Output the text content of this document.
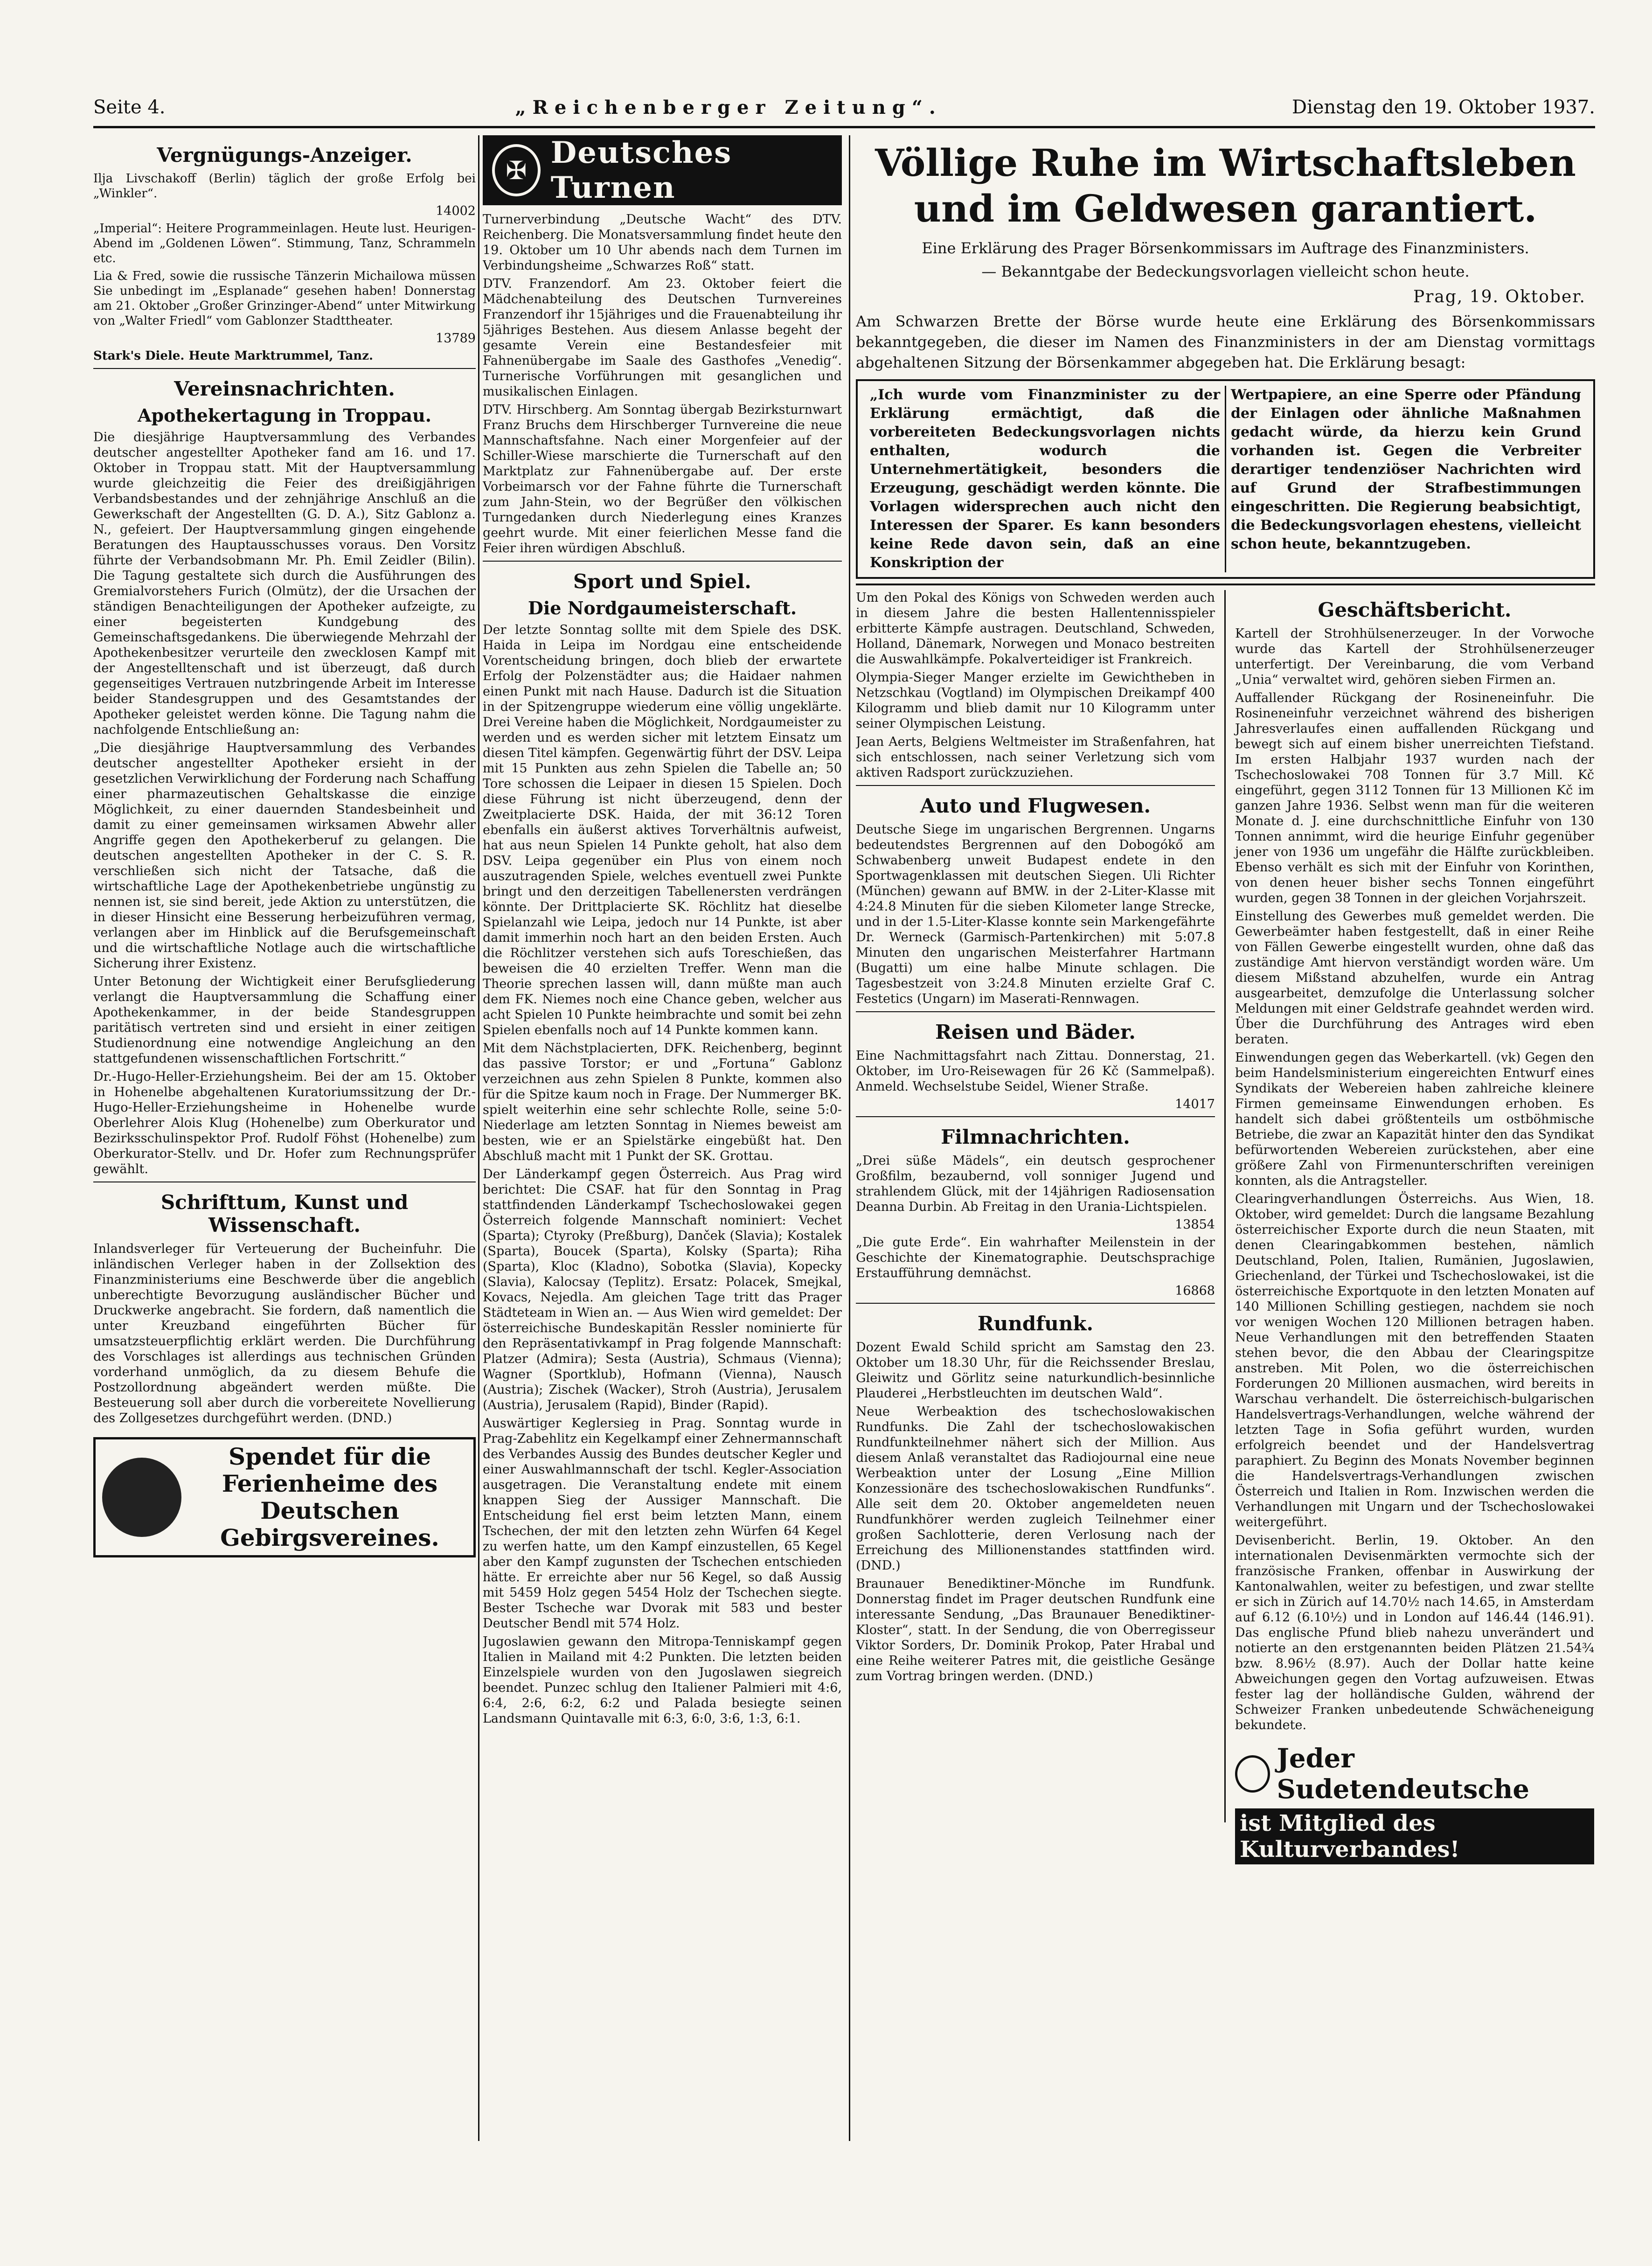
Seite 4.	„Reichenberger Zeitung“.	Dienstag den 19. Oktober 1937.
Vergnügungs-Anzeiger.

Ilja Livschakoff (Berlin) täglich der große Erfolg bei „Winkler“.

14002

„Imperial“: Heitere Programmeinlagen. Heute lust. Heurigen-Abend im „Goldenen Löwen“. Stimmung, Tanz, Schrammeln etc.

Lia & Fred, sowie die russische Tänzerin Michailowa müssen Sie unbedingt im „Esplanade“ gesehen haben! Donnerstag am 21. Oktober „Großer Grinzinger-Abend“ unter Mitwirkung von „Walter Friedl“ vom Gablonzer Stadttheater.

13789

Stark's Diele. Heute Marktrummel, Tanz.

Vereinsnachrichten.
Apothekertagung in Troppau.

Die diesjährige Hauptversammlung des Verbandes deutscher angestellter Apotheker fand am 16. und 17. Oktober in Troppau statt. Mit der Hauptversammlung wurde gleichzeitig die Feier des dreißigjährigen Verbandsbestandes und der zehnjährige Anschluß an die Gewerkschaft der Angestellten (G. D. A.), Sitz Gablonz a. N., gefeiert. Der Hauptversammlung gingen eingehende Beratungen des Hauptausschusses voraus. Den Vorsitz führte der Verbandsobmann Mr. Ph. Emil Zeidler (Bilin). Die Tagung gestaltete sich durch die Ausführungen des Gremialvorstehers Furich (Olmütz), der die Ursachen der ständigen Benachteiligungen der Apotheker aufzeigte, zu einer begeisterten Kundgebung des Gemeinschaftsgedankens. Die überwiegende Mehrzahl der Apothekenbesitzer verurteile den zwecklosen Kampf mit der Angestelltenschaft und ist überzeugt, daß durch gegenseitiges Vertrauen nutzbringende Arbeit im Interesse beider Standesgruppen und des Gesamtstandes der Apotheker geleistet werden könne. Die Tagung nahm die nachfolgende Entschließung an:

„Die diesjährige Hauptversammlung des Verbandes deutscher angestellter Apotheker ersieht in der gesetzlichen Verwirklichung der Forderung nach Schaffung einer pharmazeutischen Gehaltskasse die einzige Möglichkeit, zu einer dauernden Standesbeinheit und damit zu einer gemeinsamen wirksamen Abwehr aller Angriffe gegen den Apothekerberuf zu gelangen. Die deutschen angestellten Apotheker in der C. S. R. verschließen sich nicht der Tatsache, daß die wirtschaftliche Lage der Apothekenbetriebe ungünstig zu nennen ist, sie sind bereit, jede Aktion zu unterstützen, die in dieser Hinsicht eine Besserung herbeizuführen vermag, verlangen aber im Hinblick auf die Berufsgemeinschaft und die wirtschaftliche Notlage auch die wirtschaftliche Sicherung ihrer Existenz.

Unter Betonung der Wichtigkeit einer Berufsgliederung verlangt die Hauptversammlung die Schaffung einer Apothekenkammer, in der beide Standesgruppen paritätisch vertreten sind und ersieht in einer zeitigen Studienordnung eine notwendige Angleichung an den stattgefundenen wissenschaftlichen Fortschritt.“

Dr.-Hugo-Heller-Erziehungsheim. Bei der am 15. Oktober in Hohenelbe abgehaltenen Kuratoriumssitzung der Dr.-Hugo-Heller-Erziehungsheime in Hohenelbe wurde Oberlehrer Alois Klug (Hohenelbe) zum Oberkurator und Bezirksschulinspektor Prof. Rudolf Föhst (Hohenelbe) zum Oberkurator-Stellv. und Dr. Hofer zum Rechnungsprüfer gewählt.

Schrifttum, Kunst und Wissenschaft.

Inlandsverleger für Verteuerung der Bucheinfuhr. Die inländischen Verleger haben in der Zollsektion des Finanzministeriums eine Beschwerde über die angeblich unberechtigte Bevorzugung ausländischer Bücher und Druckwerke angebracht. Sie fordern, daß namentlich die unter Kreuzband eingeführten Bücher für umsatzsteuerpflichtig erklärt werden. Die Durchführung des Vorschlages ist allerdings aus technischen Gründen vorderhand unmöglich, da zu diesem Behufe die Postzollordnung abgeändert werden müßte. Die Besteuerung soll aber durch die vorbereitete Novellierung des Zollgesetzes durchgeführt werden. (DND.)

Spendet für die Ferienheime des Deutschen Gebirgsvereines.
✠ Deutsches Turnen

Turnerverbindung „Deutsche Wacht“ des DTV. Reichenberg. Die Monatsversammlung findet heute den 19. Oktober um 10 Uhr abends nach dem Turnen im Verbindungsheime „Schwarzes Roß“ statt.

DTV. Franzendorf. Am 23. Oktober feiert die Mädchenabteilung des Deutschen Turnvereines Franzendorf ihr 15jähriges und die Frauenabteilung ihr 5jähriges Bestehen. Aus diesem Anlasse begeht der gesamte Verein eine Bestandesfeier mit Fahnenübergabe im Saale des Gasthofes „Venedig“. Turnerische Vorführungen mit gesanglichen und musikalischen Einlagen.

DTV. Hirschberg. Am Sonntag übergab Bezirksturnwart Franz Bruchs dem Hirschberger Turnvereine die neue Mannschaftsfahne. Nach einer Morgenfeier auf der Schiller-Wiese marschierte die Turnerschaft auf den Marktplatz zur Fahnenübergabe auf. Der erste Vorbeimarsch vor der Fahne führte die Turnerschaft zum Jahn-Stein, wo der Begrüßer den völkischen Turngedanken durch Niederlegung eines Kranzes geehrt wurde. Mit einer feierlichen Messe fand die Feier ihren würdigen Abschluß.

Sport und Spiel.
Die Nordgaumeisterschaft.

Der letzte Sonntag sollte mit dem Spiele des DSK. Haida in Leipa im Nordgau eine entscheidende Vorentscheidung bringen, doch blieb der erwartete Erfolg der Polzenstädter aus; die Haidaer nahmen einen Punkt mit nach Hause. Dadurch ist die Situation in der Spitzengruppe wiederum eine völlig ungeklärte. Drei Vereine haben die Möglichkeit, Nordgaumeister zu werden und es werden sicher mit letztem Einsatz um diesen Titel kämpfen. Gegenwärtig führt der DSV. Leipa mit 15 Punkten aus zehn Spielen die Tabelle an; 50 Tore schossen die Leipaer in diesen 15 Spielen. Doch diese Führung ist nicht überzeugend, denn der Zweitplacierte DSK. Haida, der mit 36:12 Toren ebenfalls ein äußerst aktives Torverhältnis aufweist, hat aus neun Spielen 14 Punkte geholt, hat also dem DSV. Leipa gegenüber ein Plus von einem noch auszutragenden Spiele, welches eventuell zwei Punkte bringt und den derzeitigen Tabellenersten verdrängen könnte. Der Drittplacierte SK. Röchlitz hat dieselbe Spielanzahl wie Leipa, jedoch nur 14 Punkte, ist aber damit immerhin noch hart an den beiden Ersten. Auch die Röchlitzer verstehen sich aufs Toreschießen, das beweisen die 40 erzielten Treffer. Wenn man die Theorie sprechen lassen will, dann müßte man auch dem FK. Niemes noch eine Chance geben, welcher aus acht Spielen 10 Punkte heimbrachte und somit bei zehn Spielen ebenfalls noch auf 14 Punkte kommen kann.

Mit dem Nächstplacierten, DFK. Reichenberg, beginnt das passive Torstor; er und „Fortuna“ Gablonz verzeichnen aus zehn Spielen 8 Punkte, kommen also für die Spitze kaum noch in Frage. Der Nummerger BK. spielt weiterhin eine sehr schlechte Rolle, seine 5:0-Niederlage am letzten Sonntag in Niemes beweist am besten, wie er an Spielstärke eingebüßt hat. Den Abschluß macht mit 1 Punkt der SK. Grottau.

Der Länderkampf gegen Österreich. Aus Prag wird berichtet: Die CSAF. hat für den Sonntag in Prag stattfindenden Länderkampf Tschechoslowakei gegen Österreich folgende Mannschaft nominiert: Vechet (Sparta); Ctyroky (Preßburg), Danček (Slavia); Kostalek (Sparta), Boucek (Sparta), Kolsky (Sparta); Riha (Sparta), Kloc (Kladno), Sobotka (Slavia), Kopecky (Slavia), Kalocsay (Teplitz). Ersatz: Polacek, Smejkal, Kovacs, Nejedla. Am gleichen Tage tritt das Prager Städteteam in Wien an. — Aus Wien wird gemeldet: Der österreichische Bundeskapitän Ressler nominierte für den Repräsentativkampf in Prag folgende Mannschaft: Platzer (Admira); Sesta (Austria), Schmaus (Vienna); Wagner (Sportklub), Hofmann (Vienna), Nausch (Austria); Zischek (Wacker), Stroh (Austria), Jerusalem (Austria), Jerusalem (Rapid), Binder (Rapid).

Auswärtiger Keglersieg in Prag. Sonntag wurde in Prag-Zabehlitz ein Kegelkampf einer Zehnermannschaft des Verbandes Aussig des Bundes deutscher Kegler und einer Auswahlmannschaft der tschl. Kegler-Association ausgetragen. Die Veranstaltung endete mit einem knappen Sieg der Aussiger Mannschaft. Die Entscheidung fiel erst beim letzten Mann, einem Tschechen, der mit den letzten zehn Würfen 64 Kegel zu werfen hatte, um den Kampf einzustellen, 65 Kegel aber den Kampf zugunsten der Tschechen entschieden hätte. Er erreichte aber nur 56 Kegel, so daß Aussig mit 5459 Holz gegen 5454 Holz der Tschechen siegte. Bester Tscheche war Dvorak mit 583 und bester Deutscher Bendl mit 574 Holz.

Jugoslawien gewann den Mitropa-Tenniskampf gegen Italien in Mailand mit 4:2 Punkten. Die letzten beiden Einzelspiele wurden von den Jugoslawen siegreich beendet. Punzec schlug den Italiener Palmieri mit 4:6, 6:4, 2:6, 6:2, 6:2 und Palada besiegte seinen Landsmann Quintavalle mit 6:3, 6:0, 3:6, 1:3, 6:1.

Völlige Ruhe im Wirtschaftsleben und im Geldwesen garantiert.
Eine Erklärung des Prager Börsenkommissars im Auftrage des Finanzministers.
— Bekanntgabe der Bedeckungsvorlagen vielleicht schon heute.
Prag, 19. Oktober.

Am Schwarzen Brette der Börse wurde heute eine Erklärung des Börsenkommissars bekanntgegeben, die dieser im Namen des Finanzministers in der am Dienstag vormittags abgehaltenen Sitzung der Börsenkammer abgegeben hat. Die Erklärung besagt:

„Ich wurde vom Finanzminister zu der Erklärung ermächtigt, daß die vorbereiteten Bedeckungsvorlagen nichts enthalten, wodurch die Unternehmertätigkeit, besonders die Erzeugung, geschädigt werden könnte. Die Vorlagen widersprechen auch nicht den Interessen der Sparer. Es kann besonders keine Rede davon sein, daß an eine Konskription der
Wertpapiere, an eine Sperre oder Pfändung der Einlagen oder ähnliche Maßnahmen gedacht würde, da hierzu kein Grund vorhanden ist. Gegen die Verbreiter derartiger tendenziöser Nachrichten wird auf Grund der Strafbestimmungen eingeschritten. Die Regierung beabsichtigt, die Bedeckungsvorlagen ehestens, vielleicht schon heute, bekanntzugeben.

Um den Pokal des Königs von Schweden werden auch in diesem Jahre die besten Hallentennisspieler erbitterte Kämpfe austragen. Deutschland, Schweden, Holland, Dänemark, Norwegen und Monaco bestreiten die Auswahlkämpfe. Pokalverteidiger ist Frankreich.

Olympia-Sieger Manger erzielte im Gewichtheben in Netzschkau (Vogtland) im Olympischen Dreikampf 400 Kilogramm und blieb damit nur 10 Kilogramm unter seiner Olympischen Leistung.

Jean Aerts, Belgiens Weltmeister im Straßenfahren, hat sich entschlossen, nach seiner Verletzung sich vom aktiven Radsport zurückzuziehen.

Auto und Flugwesen.

Deutsche Siege im ungarischen Bergrennen. Ungarns bedeutendstes Bergrennen auf den Dobogókő am Schwabenberg unweit Budapest endete in den Sportwagenklassen mit deutschen Siegen. Uli Richter (München) gewann auf BMW. in der 2-Liter-Klasse mit 4:24.8 Minuten für die sieben Kilometer lange Strecke, und in der 1.5-Liter-Klasse konnte sein Markengefährte Dr. Werneck (Garmisch-Partenkirchen) mit 5:07.8 Minuten den ungarischen Meisterfahrer Hartmann (Bugatti) um eine halbe Minute schlagen. Die Tagesbestzeit von 3:24.8 Minuten erzielte Graf C. Festetics (Ungarn) im Maserati-Rennwagen.

Reisen und Bäder.

Eine Nachmittagsfahrt nach Zittau. Donnerstag, 21. Oktober, im Uro-Reisewagen für 26 Kč (Sammelpaß). Anmeld. Wechselstube Seidel, Wiener Straße.

14017
Filmnachrichten.

„Drei süße Mädels“, ein deutsch gesprochener Großfilm, bezaubernd, voll sonniger Jugend und strahlendem Glück, mit der 14jährigen Radiosensation Deanna Durbin. Ab Freitag in den Urania-Lichtspielen.

13854

„Die gute Erde“. Ein wahrhafter Meilenstein in der Geschichte der Kinematographie. Deutschsprachige Erstaufführung demnächst.

16868
Rundfunk.

Dozent Ewald Schild spricht am Samstag den 23. Oktober um 18.30 Uhr, für die Reichssender Breslau, Gleiwitz und Görlitz seine naturkundlich-besinnliche Plauderei „Herbstleuchten im deutschen Wald“.

Neue Werbeaktion des tschechoslowakischen Rundfunks. Die Zahl der tschechoslowakischen Rundfunkteilnehmer nähert sich der Million. Aus diesem Anlaß veranstaltet das Radiojournal eine neue Werbeaktion unter der Losung „Eine Million Konzessionäre des tschechoslowakischen Rundfunks“. Alle seit dem 20. Oktober angemeldeten neuen Rundfunkhörer werden zugleich Teilnehmer einer großen Sachlotterie, deren Verlosung nach der Erreichung des Millionenstandes stattfinden wird. (DND.)

Braunauer Benediktiner-Mönche im Rundfunk. Donnerstag findet im Prager deutschen Rundfunk eine interessante Sendung, „Das Braunauer Benediktiner-Kloster“, statt. In der Sendung, die von Oberregisseur Viktor Sorders, Dr. Dominik Prokop, Pater Hrabal und eine Reihe weiterer Patres mit, die geistliche Gesänge zum Vortrag bringen werden. (DND.)

Geschäftsbericht.

Kartell der Strohhülsenerzeuger. In der Vorwoche wurde das Kartell der Strohhülsenerzeuger unterfertigt. Der Vereinbarung, die vom Verband „Unia“ verwaltet wird, gehören sieben Firmen an.

Auffallender Rückgang der Rosineneinfuhr. Die Rosineneinfuhr verzeichnet während des bisherigen Jahresverlaufes einen auffallenden Rückgang und bewegt sich auf einem bisher unerreichten Tiefstand. Im ersten Halbjahr 1937 wurden nach der Tschechoslowakei 708 Tonnen für 3.7 Mill. Kč eingeführt, gegen 3112 Tonnen für 13 Millionen Kč im ganzen Jahre 1936. Selbst wenn man für die weiteren Monate d. J. eine durchschnittliche Einfuhr von 130 Tonnen annimmt, wird die heurige Einfuhr gegenüber jener von 1936 um ungefähr die Hälfte zurückbleiben. Ebenso verhält es sich mit der Einfuhr von Korinthen, von denen heuer bisher sechs Tonnen eingeführt wurden, gegen 38 Tonnen in der gleichen Vorjahrszeit.

Einstellung des Gewerbes muß gemeldet werden. Die Gewerbeämter haben festgestellt, daß in einer Reihe von Fällen Gewerbe eingestellt wurden, ohne daß das zuständige Amt hiervon verständigt worden wäre. Um diesem Mißstand abzuhelfen, wurde ein Antrag ausgearbeitet, demzufolge die Unterlassung solcher Meldungen mit einer Geldstrafe geahndet werden wird. Über die Durchführung des Antrages wird eben beraten.

Einwendungen gegen das Weberkartell. (vk) Gegen den beim Handelsministerium eingereichten Entwurf eines Syndikats der Webereien haben zahlreiche kleinere Firmen gemeinsame Einwendungen erhoben. Es handelt sich dabei größtenteils um ostböhmische Betriebe, die zwar an Kapazität hinter den das Syndikat befürwortenden Webereien zurückstehen, aber eine größere Zahl von Firmenunterschriften vereinigen konnten, als die Antragsteller.

Clearingverhandlungen Österreichs. Aus Wien, 18. Oktober, wird gemeldet: Durch die langsame Bezahlung österreichischer Exporte durch die neun Staaten, mit denen Clearingabkommen bestehen, nämlich Deutschland, Polen, Italien, Rumänien, Jugoslawien, Griechenland, der Türkei und Tschechoslowakei, ist die österreichische Exportquote in den letzten Monaten auf 140 Millionen Schilling gestiegen, nachdem sie noch vor wenigen Wochen 120 Millionen betragen haben. Neue Verhandlungen mit den betreffenden Staaten stehen bevor, die den Abbau der Clearingspitze anstreben. Mit Polen, wo die österreichischen Forderungen 20 Millionen ausmachen, wird bereits in Warschau verhandelt. Die österreichisch-bulgarischen Handelsvertrags-Verhandlungen, welche während der letzten Tage in Sofia geführt wurden, wurden erfolgreich beendet und der Handelsvertrag paraphiert. Zu Beginn des Monats November beginnen die Handelsvertrags-Verhandlungen zwischen Österreich und Italien in Rom. Inzwischen werden die Verhandlungen mit Ungarn und der Tschechoslowakei weitergeführt.

Devisenbericht. Berlin, 19. Oktober. An den internationalen Devisenmärkten vermochte sich der französische Franken, offenbar in Auswirkung der Kantonalwahlen, weiter zu befestigen, und zwar stellte er sich in Zürich auf 14.70½ nach 14.65, in Amsterdam auf 6.12 (6.10½) und in London auf 146.44 (146.91). Das englische Pfund blieb nahezu unverändert und notierte an den erstgenannten beiden Plätzen 21.54¾ bzw. 8.96½ (8.97). Auch der Dollar hatte keine Abweichungen gegen den Vortag aufzuweisen. Etwas fester lag der holländische Gulden, während der Schweizer Franken unbedeutende Schwächeneigung bekundete.

Jeder Sudetendeutsche
ist Mitglied des Kulturverbandes!
